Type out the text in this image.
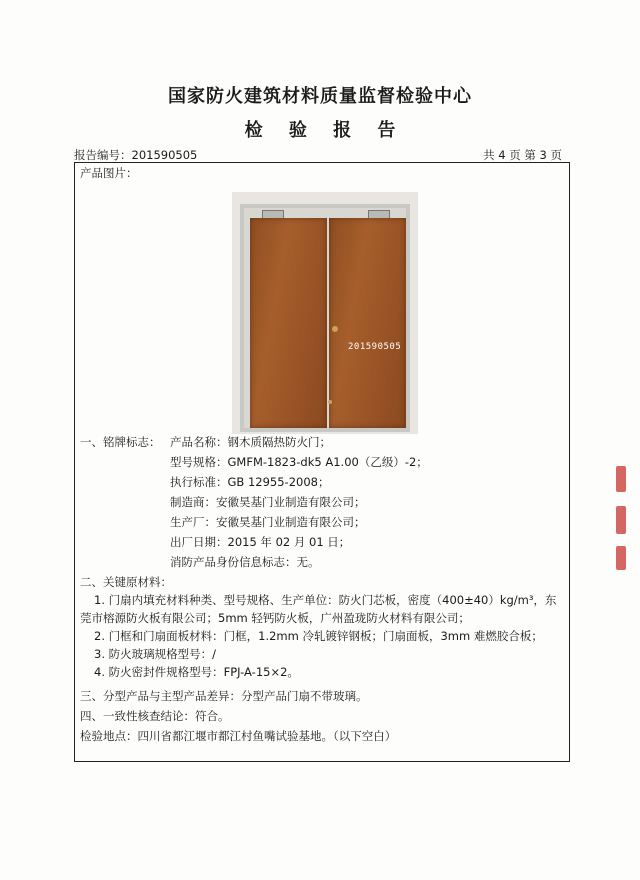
国家防火建筑材料质量监督检验中心
检 验 报 告
报告编号：201590505	共 4 页 第 3 页
产品图片：
201590505
一、铭牌标志： 产品名称：钢木质隔热防火门；
型号规格：GMFM-1823-dk5 A1.00（乙级）-2；
执行标准：GB 12955-2008；
制造商：安徽昊基门业制造有限公司；
生产厂：安徽昊基门业制造有限公司；
出厂日期：2015 年 02 月 01 日；
消防产品身份信息标志：无。
二、关键原材料：
1. 门扇内填充材料种类、型号规格、生产单位：防火门芯板，密度（400±40）kg/m³，东
莞市榕源防火板有限公司；5mm 轻钙防火板，广州盈珑防火材料有限公司；
2. 门框和门扇面板材料：门框，1.2mm 冷轧镀锌钢板；门扇面板，3mm 难燃胶合板；
3. 防火玻璃规格型号：/
4. 防火密封件规格型号：FPJ-A-15×2。
三、分型产品与主型产品差异：分型产品门扇不带玻璃。
四、一致性核查结论：符合。
检验地点：四川省都江堰市都江村鱼嘴试验基地。（以下空白）
